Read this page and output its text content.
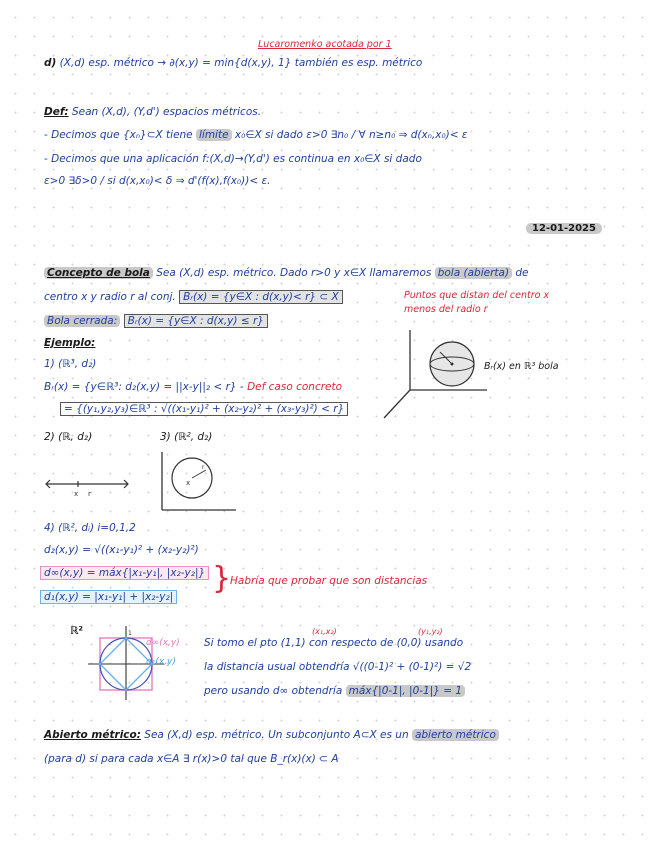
Lucaromenko acotada por 1
d) (X,d) esp. métrico → ∂(x,y) = min{d(x,y), 1} también es esp. métrico
Def: Sean (X,d), (Y,d') espacios métricos.
- Decimos que {xₙ}⊂X tiene límite x₀∈X si dado ε>0 ∃n₀ / ∀ n≥n₀ ⇒ d(xₙ,x₀)< ε
- Decimos que una aplicación f:(X,d)→(Y,d') es continua en x₀∈X si dado
ε>0 ∃δ>0 / si d(x,x₀)< δ ⇒ d'(f(x),f(x₀))< ε.
12-01-2025
Concepto de bola Sea (X,d) esp. métrico. Dado r>0 y x∈X llamaremos bola (abierta) de
centro x y radio r al conj. Bᵣ(x) = {y∈X : d(x,y)< r} ⊂ X	Puntos que distan del centro x
menos del radio r
Bola cerrada: B̄ᵣ(x) = {y∈X : d(x,y) ≤ r}
Ejemplo:
1) (ℝ³, d₂)
Bᵣ(x) = {y∈ℝ³: d₂(x,y) = ||x-y||₂ < r} - Def caso concreto
= {(y₁,y₂,y₃)∈ℝ³ : √((x₁-y₁)² + (x₂-y₂)² + (x₃-y₃)²) < r}
Bᵣ(x) en ℝ³ bola
2) (ℝ, d₂)	3) (ℝ², d₂)
x r
x
r
4) (ℝ², dᵢ) i=0,1,2
d₂(x,y) = √((x₁-y₁)² + (x₂-y₂)²)
d∞(x,y) = máx{|x₁-y₁|, |x₂-y₂|}
d₁(x,y) = |x₁-y₁| + |x₂-y₂|
}
Habría que probar que son distancias
ℝ²	1
d∞(x,y)
d₁(x,y)
(x₁,x₂)	(y₁,y₂)
Si tomo el pto (1,1) con respecto de (0,0) usando
la distancia usual obtendría √((0-1)² + (0-1)²) = √2
pero usando d∞ obtendría máx{|0-1|, |0-1|} = 1
Abierto métrico: Sea (X,d) esp. métrico. Un subconjunto A⊂X es un abierto métrico
(para d) si para cada x∈A ∃ r(x)>0 tal que B_r(x)(x) ⊂ A
